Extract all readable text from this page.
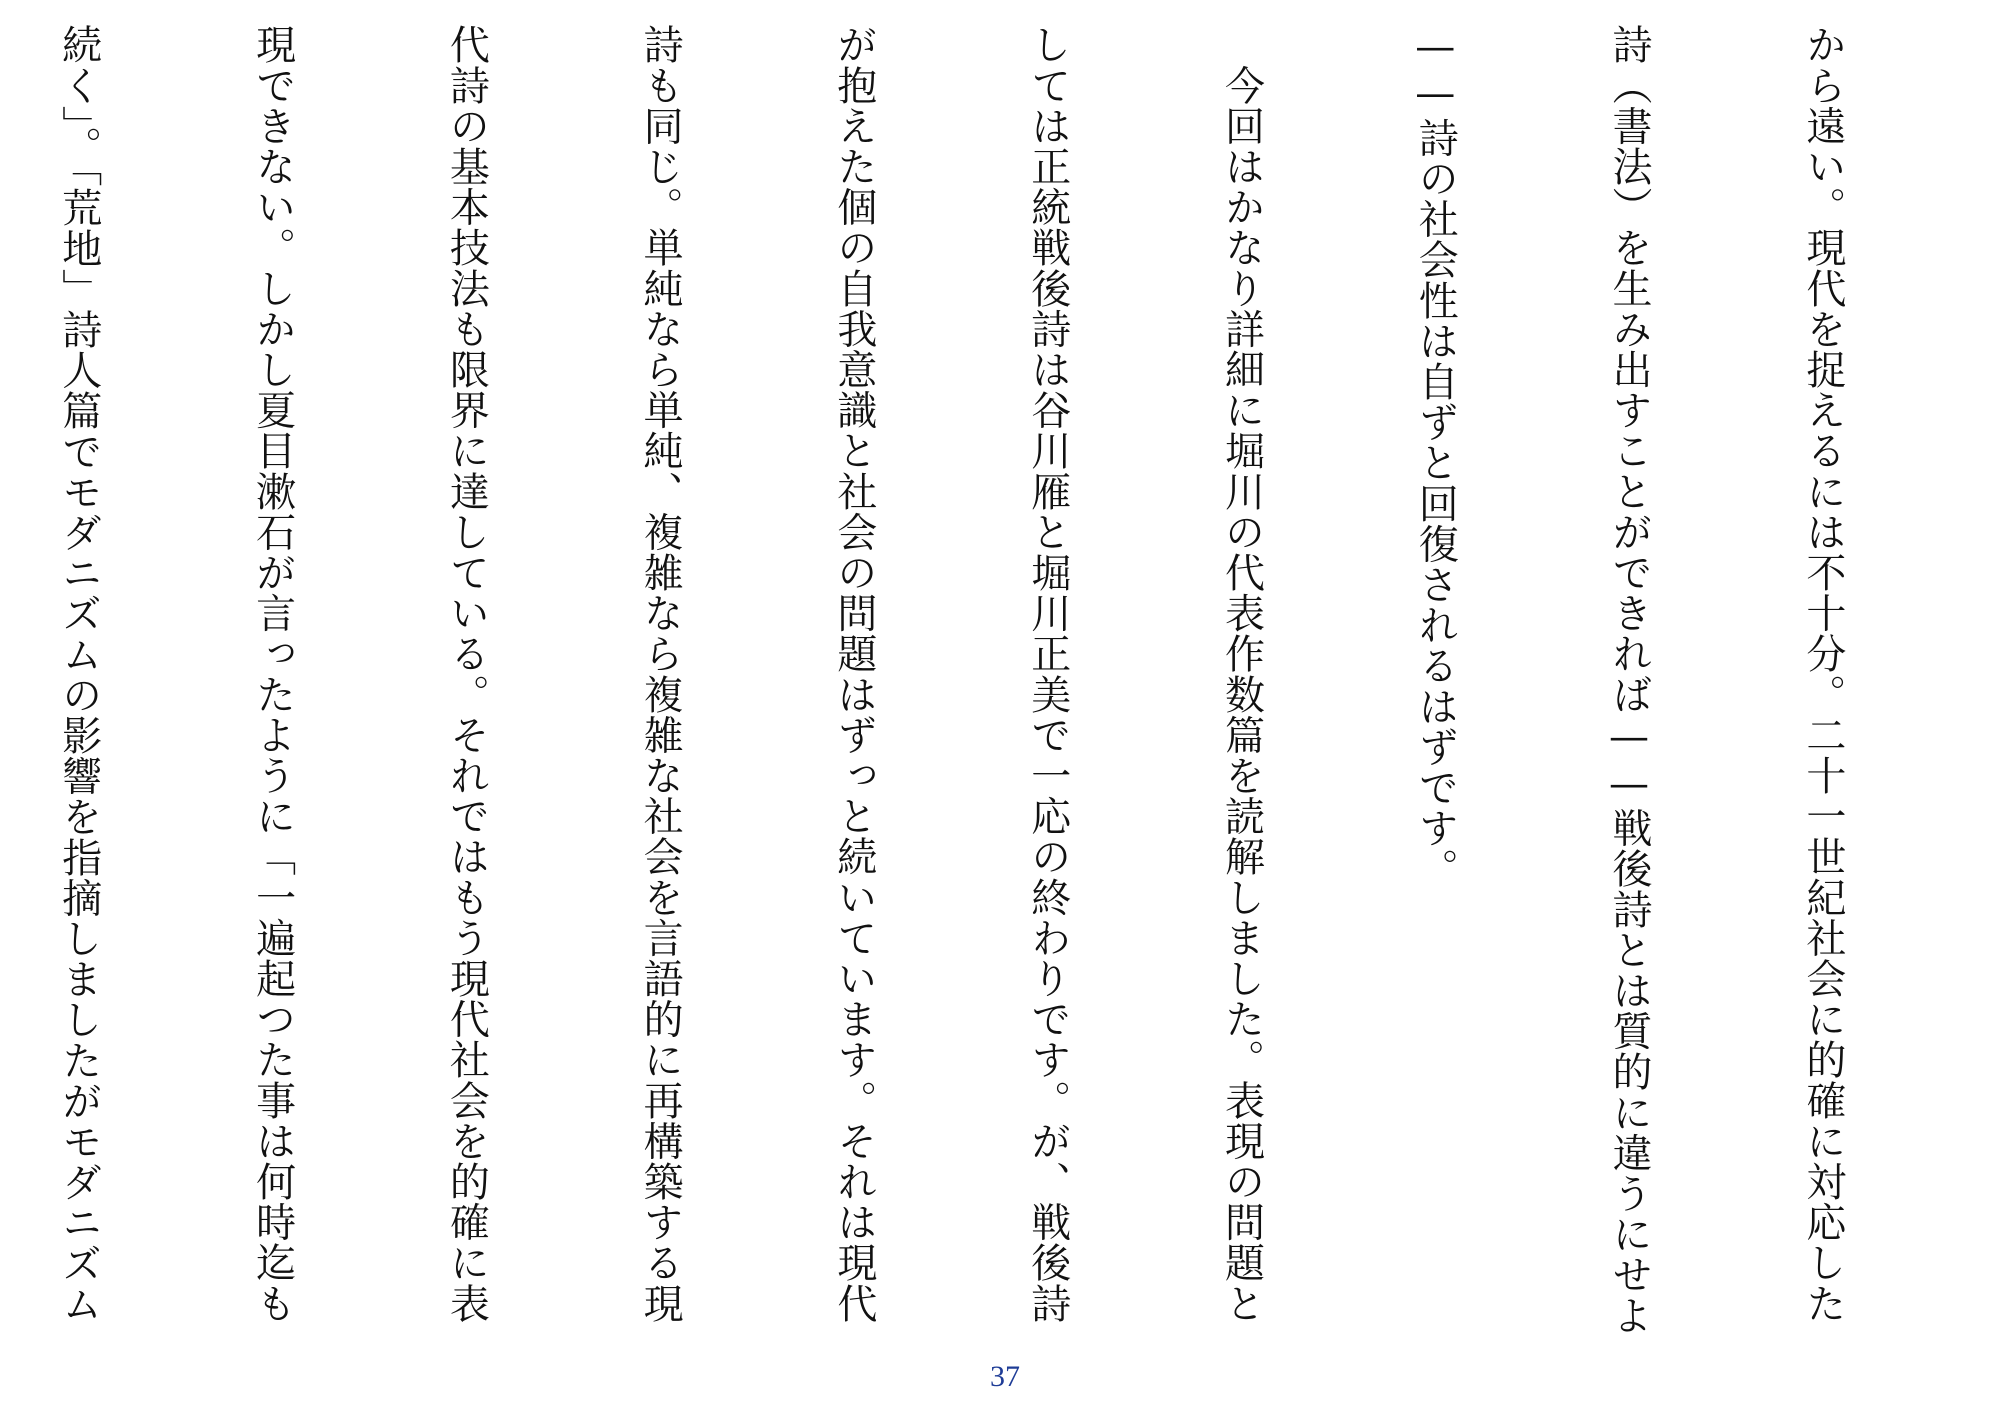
から遠い。現代を捉えるには不十分。二十一世紀社会に的確に対応した

詩（書法）を生み出すことができれば——戦後詩とは質的に違うにせよ

——詩の社会性は自ずと回復されるはずです。

　今回はかなり詳細に堀川の代表作数篇を読解しました。表現の問題と

しては正統戦後詩は谷川雁と堀川正美で一応の終わりです。が、戦後詩

が抱えた個の自我意識と社会の問題はずっと続いています。それは現代

詩も同じ。単純なら単純、複雑なら複雑な社会を言語的に再構築する現

代詩の基本技法も限界に達している。それではもう現代社会を的確に表

現できない。しかし夏目漱石が言ったように「一遍起つた事は何時迄も

続く」。「荒地」詩人篇でモダニズムの影響を指摘しましたがモダニズム

37
